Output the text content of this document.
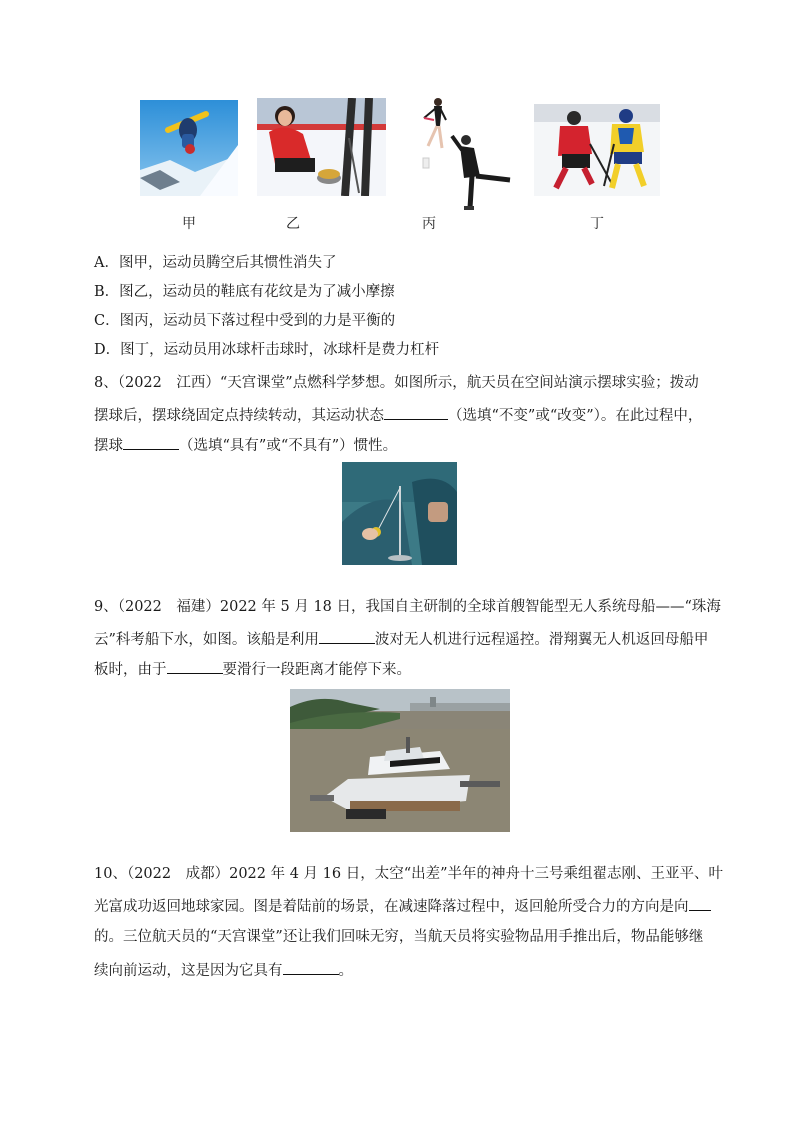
甲	乙	丙	丁
A．图甲，运动员腾空后其惯性消失了
B．图乙，运动员的鞋底有花纹是为了减小摩擦
C．图丙，运动员下落过程中受到的力是平衡的
D．图丁，运动员用冰球杆击球时，冰球杆是费力杠杆
8、（2022　江西）“天宫课堂”点燃科学梦想。如图所示，航天员在空间站演示摆球实验；拨动
摆球后，摆球绕固定点持续转动，其运动状态	（选填“不变”或“改变”）。在此过程中，
摆球	（选填“具有”或“不具有”）惯性。
9、（2022　福建）2022 年 5 月 18 日，我国自主研制的全球首艘智能型无人系统母船——“珠海
云”科考船下水，如图。该船是利用	波对无人机进行远程遥控。滑翔翼无人机返回母船甲
板时，由于	要滑行一段距离才能停下来。
10、（2022　成都）2022 年 4 月 16 日，太空“出差”半年的神舟十三号乘组翟志刚、王亚平、叶
光富成功返回地球家园。图是着陆前的场景，在减速降落过程中，返回舱所受合力的方向是向
的。三位航天员的“天宫课堂”还让我们回味无穷，当航天员将实验物品用手推出后，物品能够继
续向前运动，这是因为它具有	。
